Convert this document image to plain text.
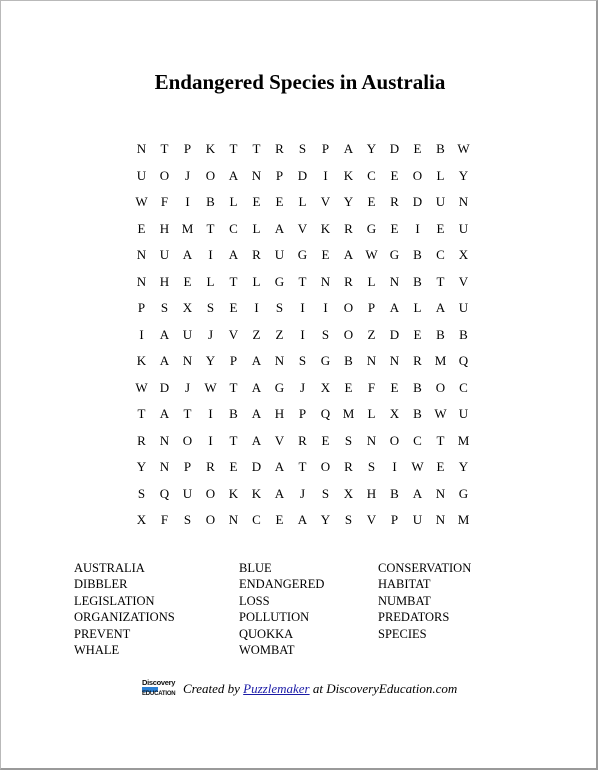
Endangered Species in Australia
N	T	P	K	T	T	R	S	P	A	Y	D	E	B W
U	O	J	O	A	N	P	D	I	K	C	E	O	L	Y
W	F	I	B	L	E	E	L	V	Y	E	R	D	U	N
E	H M	T	C	L	A	V	K	R	G	E	I	E	U
N	U	A	I	A	R	U	G	E	A W G	B	C	X
N	H	E	L	T	L	G	T	N	R	L	N	B	T	V
P	S	X	S	E	I	S	I	I	O	P	A	L	A	U
I	A	U	J	V	Z	Z	I	S	O	Z	D	E	B	B
K	A	N	Y	P	A	N	S	G	B	N	N	R M Q
W D	J	W T	A	G	J	X	E	F	E	B	O	C
T	A	T	I	B	A	H	P	Q M	L	X	B W U
R	N	O	I	T	A	V	R	E	S	N	O	C	T	M
Y	N	P	R	E	D	A	T	O	R	S	I	W E	Y
S	Q	U	O	K	K	A	J	S	X	H	B	A	N	G
X	F	S	O	N	C	E	A	Y	S	V	P	U	N M
AUSTRALIA	BLUE	CONSERVATION
DIBBLER	ENDANGERED	HABITAT
LEGISLATION	LOSS	NUMBAT
ORGANIZATIONS	POLLUTION	PREDATORS
PREVENT	QUOKKA	SPECIES
WHALE	WOMBAT
Discovery
EDUCATION Created by Puzzlemaker at DiscoveryEducation.com
